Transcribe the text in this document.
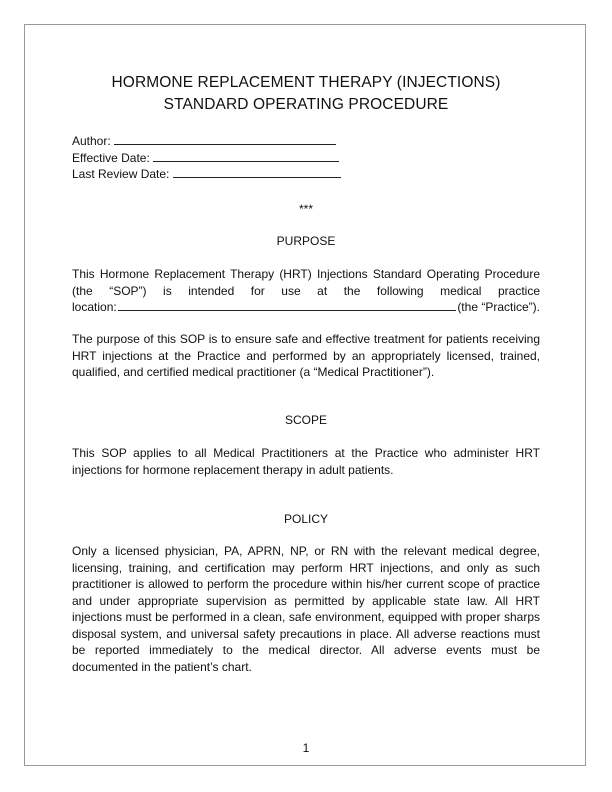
HORMONE REPLACEMENT THERAPY (INJECTIONS)
STANDARD OPERATING PROCEDURE
Author:
Effective Date:
Last Review Date:
***
PURPOSE
This Hormone Replacement Therapy (HRT) Injections Standard Operating Procedure (the “SOP”) is intended for use at the following medical practice
location:	(the “Practice”).

The purpose of this SOP is to ensure safe and effective treatment for patients receiving HRT injections at the Practice and performed by an appropriately licensed, trained, qualified, and certified medical practitioner (a “Medical Practitioner”).

SCOPE

This SOP applies to all Medical Practitioners at the Practice who administer HRT injections for hormone replacement therapy in adult patients.

POLICY

Only a licensed physician, PA, APRN, NP, or RN with the relevant medical degree, licensing, training, and certification may perform HRT injections, and only as such practitioner is allowed to perform the procedure within his/her current scope of practice and under appropriate supervision as permitted by applicable state law. All HRT injections must be performed in a clean, safe environment, equipped with proper sharps disposal system, and universal safety precautions in place. All adverse reactions must be reported immediately to the medical director. All adverse events must be documented in the patient’s chart.

1
